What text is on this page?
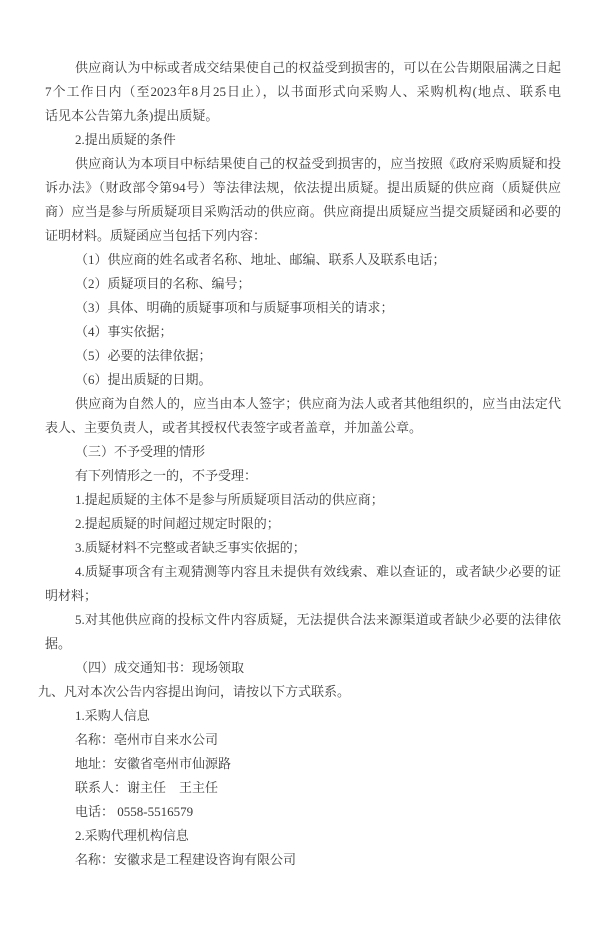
供应商认为中标或者成交结果使自己的权益受到损害的，可以在公告期限届满之日起
7个工作日内（至2023年8月25日止），以书面形式向采购人、采购机构(地点、联系电
话见本公告第九条)提出质疑。
2.提出质疑的条件
供应商认为本项目中标结果使自己的权益受到损害的，应当按照《政府采购质疑和投
诉办法》（财政部令第94号）等法律法规，依法提出质疑。提出质疑的供应商（质疑供应
商）应当是参与所质疑项目采购活动的供应商。供应商提出质疑应当提交质疑函和必要的
证明材料。质疑函应当包括下列内容：
（1）供应商的姓名或者名称、地址、邮编、联系人及联系电话；
（2）质疑项目的名称、编号；
（3）具体、明确的质疑事项和与质疑事项相关的请求；
（4）事实依据；
（5）必要的法律依据；
（6）提出质疑的日期。
供应商为自然人的，应当由本人签字；供应商为法人或者其他组织的，应当由法定代
表人、主要负责人，或者其授权代表签字或者盖章，并加盖公章。
（三）不予受理的情形
有下列情形之一的，不予受理：
1.提起质疑的主体不是参与所质疑项目活动的供应商；
2.提起质疑的时间超过规定时限的；
3.质疑材料不完整或者缺乏事实依据的；
4.质疑事项含有主观猜测等内容且未提供有效线索、难以查证的，或者缺少必要的证
明材料；
5.对其他供应商的投标文件内容质疑，无法提供合法来源渠道或者缺少必要的法律依
据。
（四）成交通知书：现场领取
九、凡对本次公告内容提出询问，请按以下方式联系。
1.采购人信息
名称：亳州市自来水公司
地址：安徽省亳州市仙源路
联系人：谢主任　王主任
电话： 0558-5516579
2.采购代理机构信息
名称：安徽求是工程建设咨询有限公司
